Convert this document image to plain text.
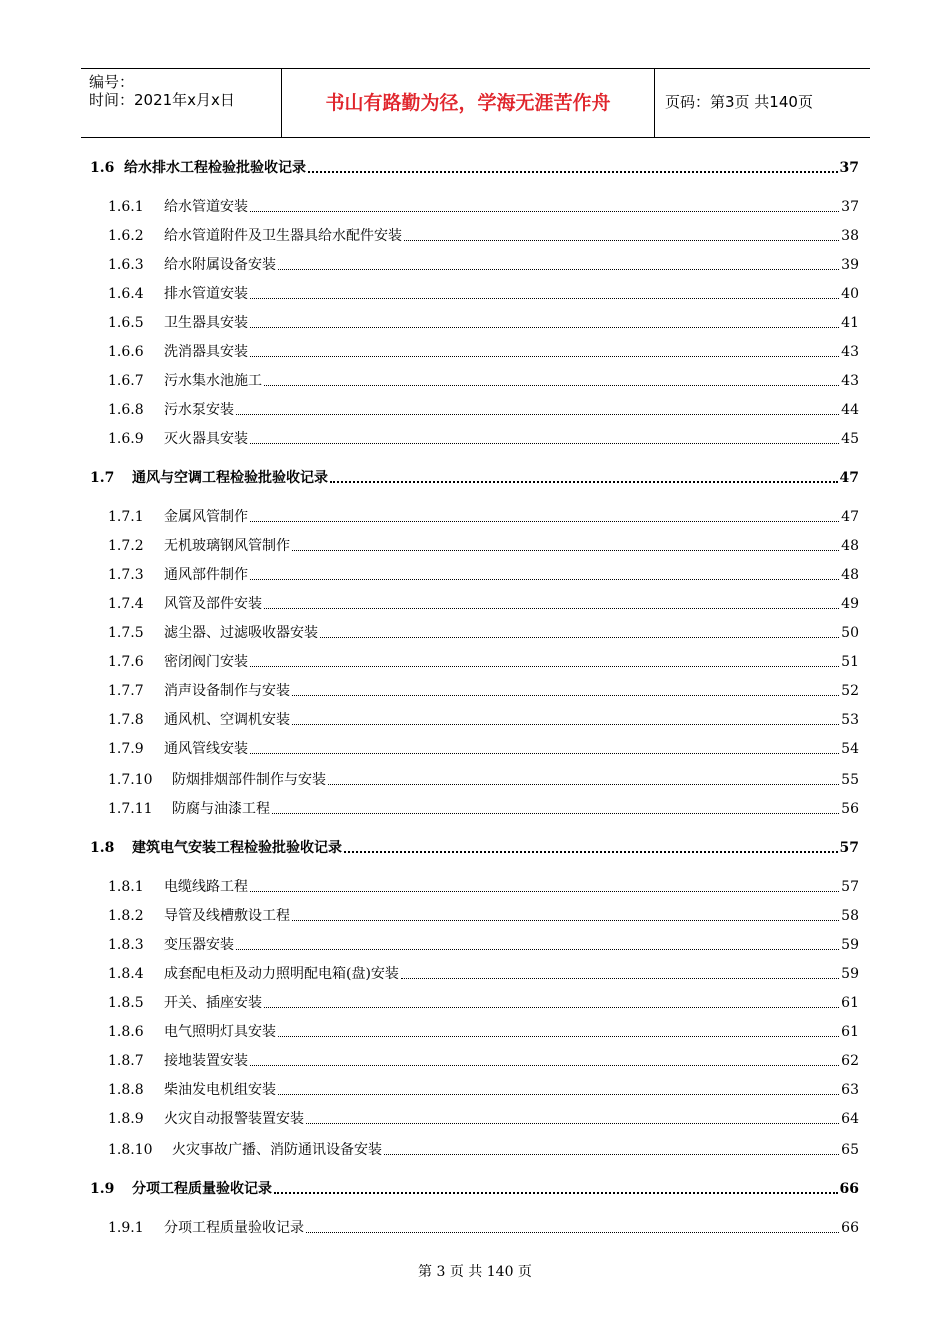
编号：
时间：2021年x月x日	书山有路勤为径，学海无涯苦作舟	页码：第3页 共140页
1.6 给水排水工程检验批验收记录	37
1.6.1	给水管道安装	37
1.6.2	给水管道附件及卫生器具给水配件安装	38
1.6.3	给水附属设备安装	39
1.6.4	排水管道安装	40
1.6.5	卫生器具安装	41
1.6.6	洗消器具安装	43
1.6.7	污水集水池施工	43
1.6.8	污水泵安装	44
1.6.9	灭火器具安装	45
1.7	通风与空调工程检验批验收记录	47
1.7.1	金属风管制作	47
1.7.2	无机玻璃钢风管制作	48
1.7.3	通风部件制作	48
1.7.4	风管及部件安装	49
1.7.5	滤尘器、过滤吸收器安装	50
1.7.6	密闭阀门安装	51
1.7.7	消声设备制作与安装	52
1.7.8	通风机、空调机安装	53
1.7.9	通风管线安装	54
1.7.10	防烟排烟部件制作与安装	55
1.7.11	防腐与油漆工程	56
1.8	建筑电气安装工程检验批验收记录	57
1.8.1	电缆线路工程	57
1.8.2	导管及线槽敷设工程	58
1.8.3	变压器安装	59
1.8.4	成套配电柜及动力照明配电箱(盘)安装	59
1.8.5	开关、插座安装	61
1.8.6	电气照明灯具安装	61
1.8.7	接地装置安装	62
1.8.8	柴油发电机组安装	63
1.8.9	火灾自动报警装置安装	64
1.8.10	火灾事故广播、消防通讯设备安装	65
1.9	分项工程质量验收记录	66
1.9.1	分项工程质量验收记录	66
第 3 页 共 140 页
